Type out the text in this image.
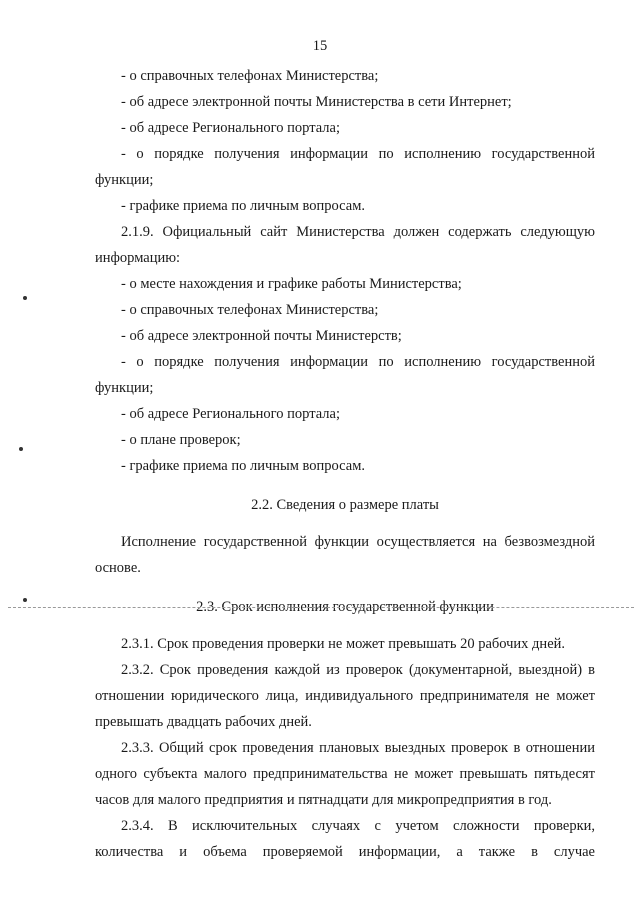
15

- о справочных телефонах Министерства;

- об адресе электронной почты Министерства в сети Интернет;

- об адресе Регионального портала;

- о порядке получения информации по исполнению государственной

функции;

- графике приема по личным вопросам.

2.1.9. Официальный сайт Министерства должен содержать следующую

информацию:

- о месте нахождения и графике работы Министерства;

- о справочных телефонах Министерства;

- об адресе электронной почты Министерств;

- о порядке получения информации по исполнению государственной

функции;

- об адресе Регионального портала;

- о плане проверок;

- графике приема по личным вопросам.

2.2. Сведения о размере платы

Исполнение государственной функции осуществляется на безвозмездной

основе.

2.3. Срок исполнения государственной функции

2.3.1. Срок проведения проверки не может превышать 20 рабочих дней.

2.3.2. Срок проведения каждой из проверок (документарной, выездной) в

отношении юридического лица, индивидуального предпринимателя не может

превышать двадцать рабочих дней.

2.3.3. Общий срок проведения плановых выездных проверок в отношении

одного субъекта малого предпринимательства не может превышать пятьдесят

часов для малого предприятия и пятнадцати для микропредприятия в год.

2.3.4. В исключительных случаях с учетом сложности проверки,

количества и объема проверяемой информации, а также в случае
